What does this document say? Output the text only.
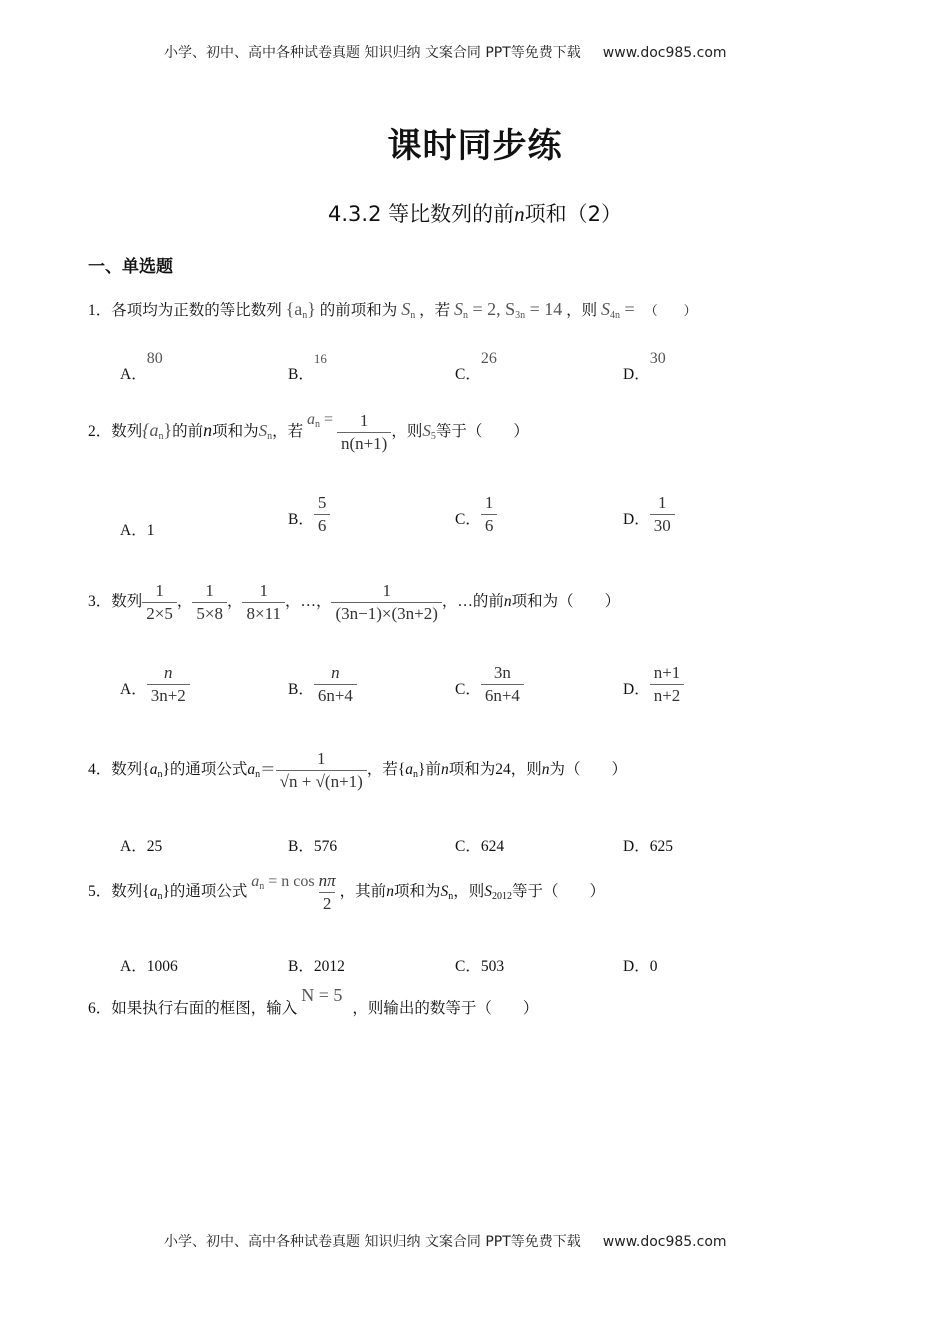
小学、初中、高中各种试卷真题 知识归纳 文案合同 PPT等免费下载 www.doc985.com
课时同步练
4.3.2 等比数列的前n项和（2）
一、单选题
1．各项均为正数的等比数列 $\{a_n\}$ 的前项和为 $S_n$ ，若 $S_n = 2$, $S_{3n} = 14$ ，则 $S_{4n}$ = （　　）
A．80
B．16
C．26
D．30
2．数列$\{a_n\}$的前n项和为$S_n$，若 $a_n = \frac{1}{n(n+1)}$ ，则$S_5$等于（　　）
A．1
B． $\frac{5}{6}$	C． $\frac{1}{6}$	D． $\frac{1}{30}$
3．数列 $\frac{1}{2\times 5}$ ， $\frac{1}{5\times 8}$ ， $\frac{1}{8\times 11}$ ，…， $\frac{1}{(3n-1)\times(3n+2)}$ ，…的前n项和为（　　）
A． $\frac{n}{3n+2}$	B． $\frac{n}{6n+4}$	C． $\frac{3n}{6n+4}$	D． $\frac{n+1}{n+2}$
4．数列$\{a_n\}$的通项公式$a_n= \frac{1}{√n + √(n+1)}$ ，若$\{a_n\}$前n项和为24，则n为（　　）
A．25	B．576	C．624	D．625
5．数列$\{a_n\}$的通项公式 $a_n = n$ $\cos \frac{n\pi}{2}$ ，其前n项和为$S_n$，则$S_{2012}$等于（　　）
A．1006	B．2012	C．503	D．0
6．如果执行右面的框图，输入N = 5，则输出的数等于（　　）
小学、初中、高中各种试卷真题 知识归纳 文案合同 PPT等免费下载 www.doc985.com
